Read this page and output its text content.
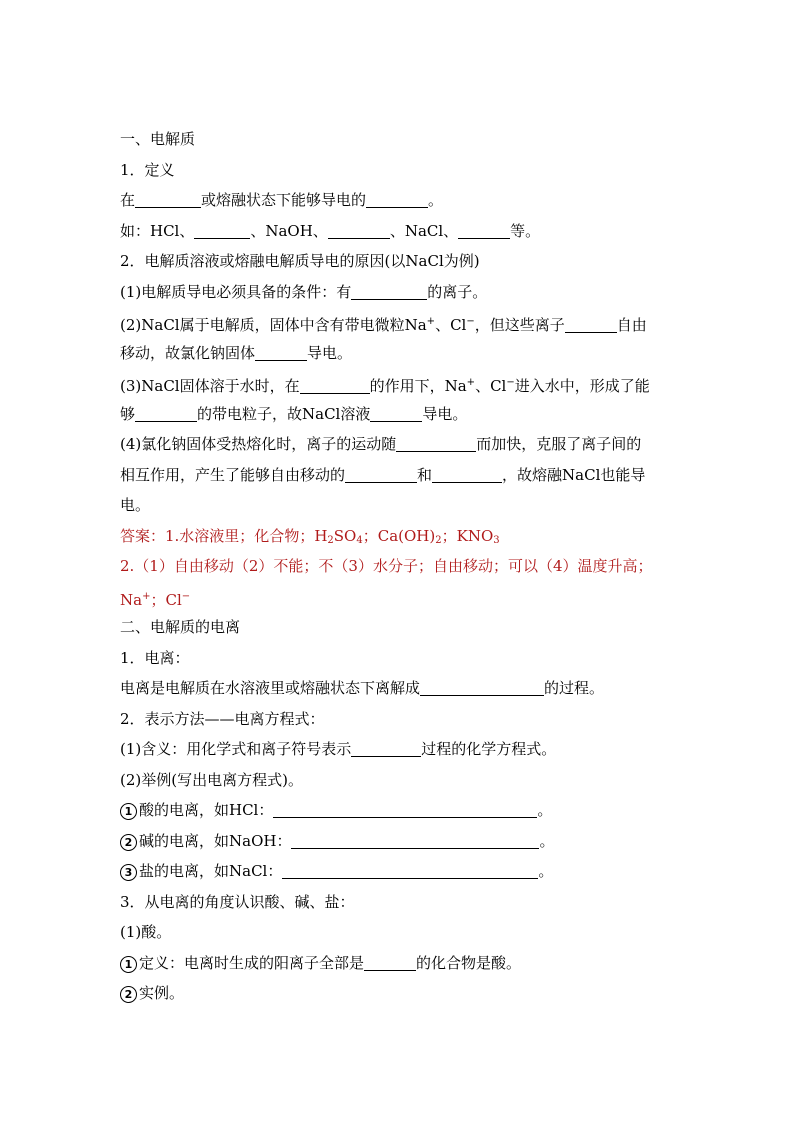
一、电解质
1．定义
在	或熔融状态下能够导电的	。
如：HCl、	、NaOH、	、NaCl、	等。
2．电解质溶液或熔融电解质导电的原因(以NaCl为例)
(1)电解质导电必须具备的条件：有	的离子。
(2)NaCl属于电解质，固体中含有带电微粒Na+、Cl−，但这些离子	自由
移动，故氯化钠固体	导电。
(3)NaCl固体溶于水时，在	的作用下，Na+、Cl−进入水中，形成了能
够	的带电粒子，故NaCl溶液	导电。
(4)氯化钠固体受热熔化时，离子的运动随	而加快，克服了离子间的
相互作用，产生了能够自由移动的	和	，故熔融NaCl也能导
电。
答案：1.水溶液里；化合物；$H_2SO_4$；$Ca(OH)_2$；$KNO_3$
2.（1）自由移动（2）不能；不（3）水分子；自由移动；可以（4）温度升高；
Na+；Cl−
二、电解质的电离
1．电离：
电离是电解质在水溶液里或熔融状态下离解成	的过程。
2．表示方法——电离方程式：
(1)含义：用化学式和离子符号表示	过程的化学方程式。
(2)举例(写出电离方程式)。
1 酸的电离，如HCl：	。
2 碱的电离，如NaOH：	。
3 盐的电离，如NaCl：	。
3．从电离的角度认识酸、碱、盐：
(1)酸。
1 定义：电离时生成的阳离子全部是	的化合物是酸。
2 实例。
